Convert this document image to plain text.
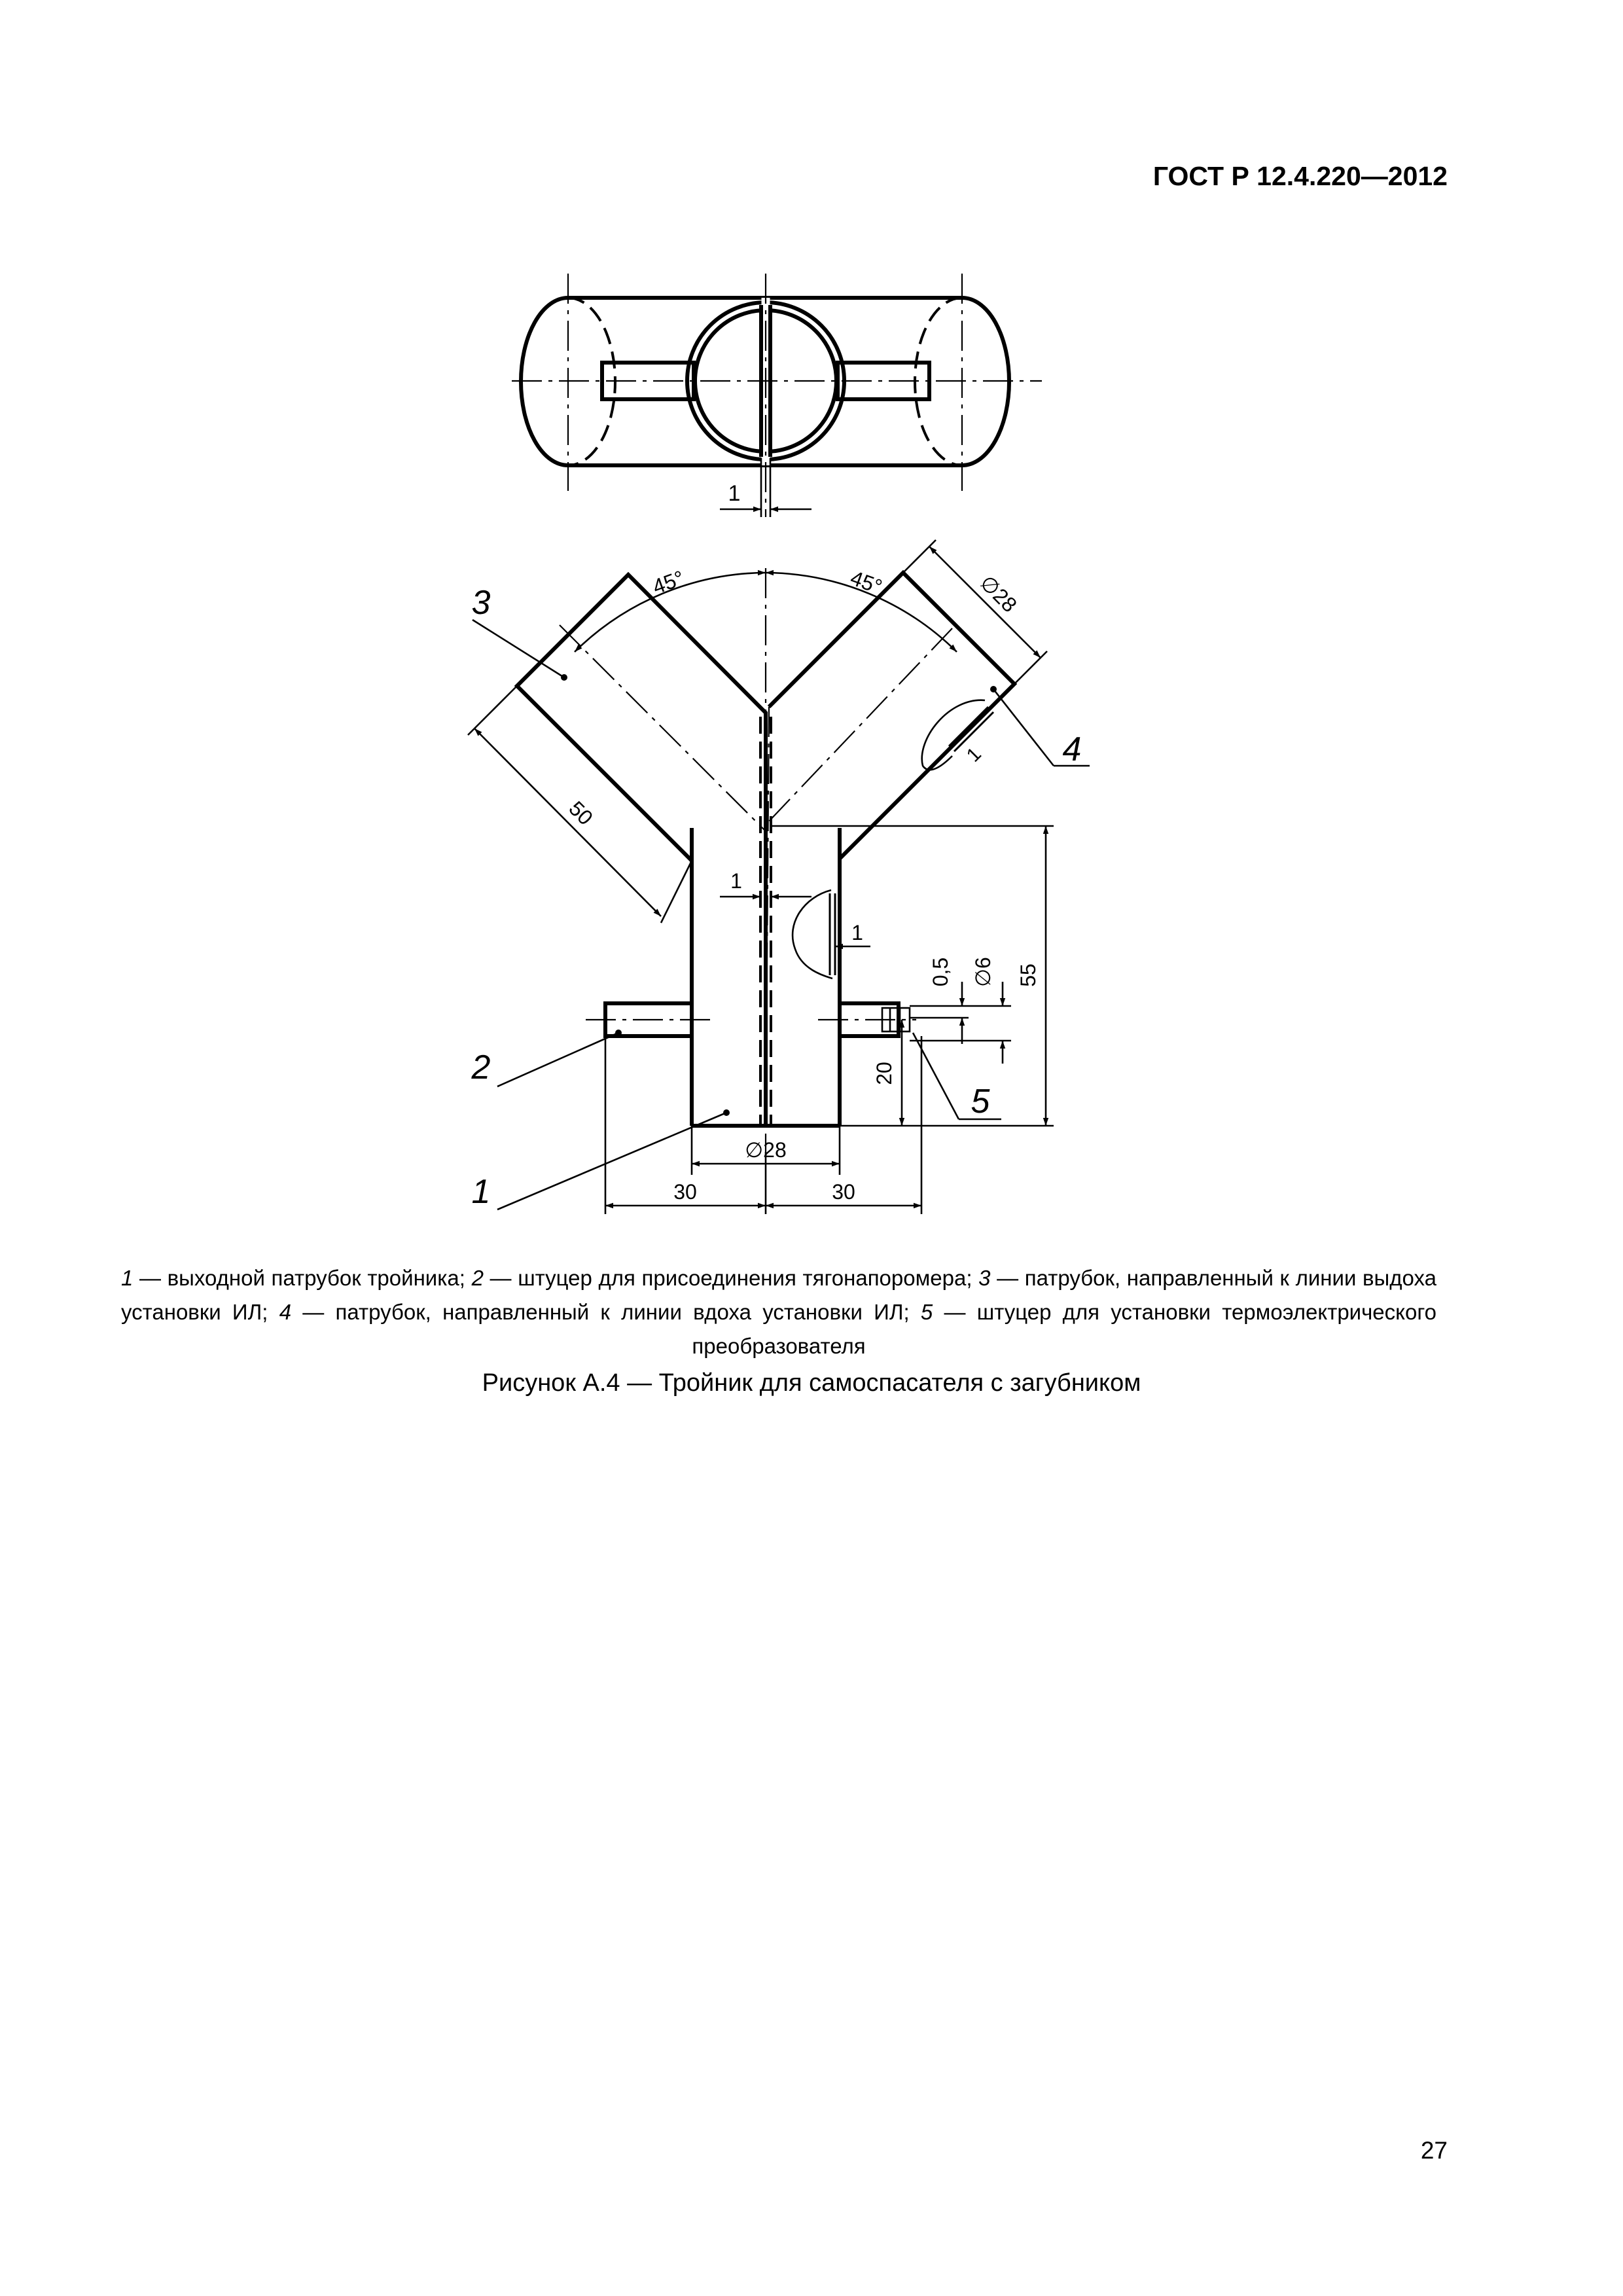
ГОСТ Р 12.4.220—2012
1
45°	45°	∅28
50
1
1
1
0,5 ∅6 55
20
∅28
30	30
3
4
2
5
1
1 — выходной патрубок тройника; 2 — штуцер для присоединения тягонапоромера; 3 — патрубок, направленный к линии выдоха установки ИЛ; 4 — патрубок, направленный к линии вдоха установки ИЛ; 5 — штуцер для установки термоэлектрического преобразователя
Рисунок А.4 — Тройник для самоспасателя с загубником
27
